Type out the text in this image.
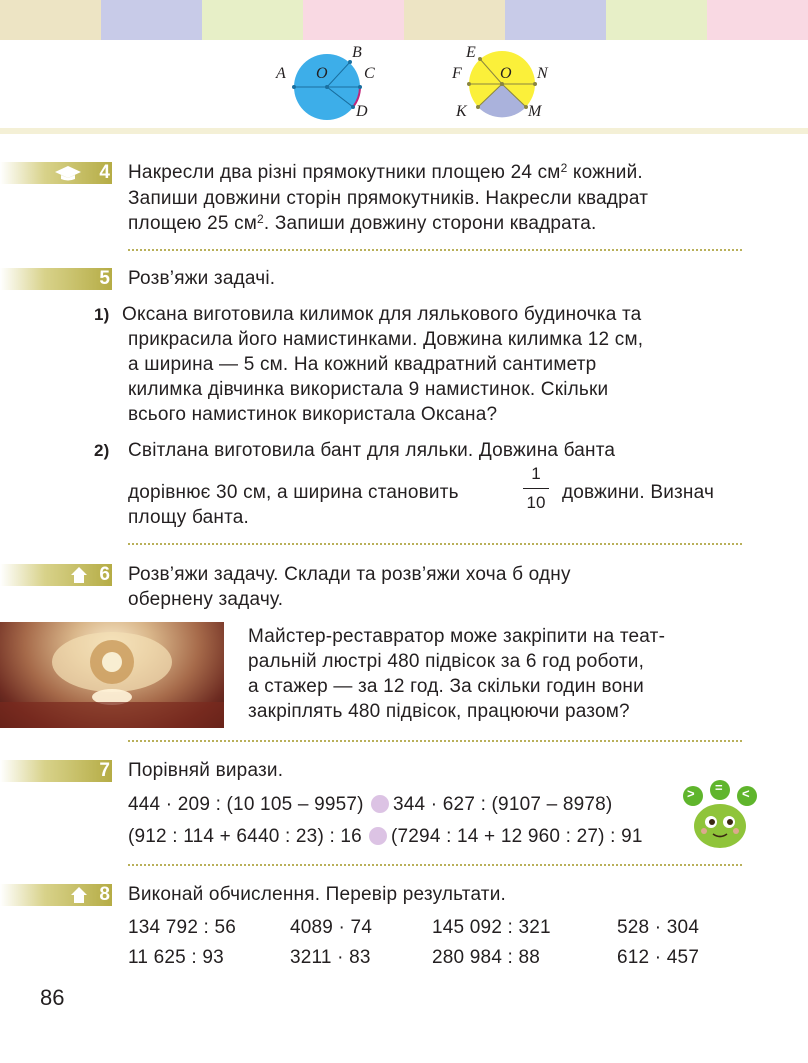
A O
B
C
D
E
F O N
K	M
4 Накресли два різні прямокутники площею 24 $см^2$ кожний.
Запиши довжини сторін прямокутників. Накресли квадрат
площею 25 $см^2$. Запиши довжину сторони квадрата.
5 Розв’яжи задачі.
1) Оксана виготовила килимок для лялькового будиночка та
прикрасила його намистинками. Довжина килимка 12 см,
а ширина — 5 см. На кожний квадратний сантиметр
килимка дівчинка використала 9 намистинок. Скільки
всього намистинок використала Оксана?
2) Світлана виготовила бант для ляльки. Довжина банта
дорівнює 30 см, а ширина становить
1
10 довжини. Визнач
площу банта.
6 Розв’яжи задачу. Склади та розв’яжи хоча б одну
обернену задачу.
Майстер-реставратор може закріпити на теат-
ральній люстрі 480 підвісок за 6 год роботи,
а стажер — за 12 год. За скільки годин вони
закріплять 480 підвісок, працюючи разом?
7 Порівняй вирази.
444 · 209 : (10 105 – 9957) 344 · 627 : (9107 – 8978)
(912 : 114 + 6440 : 23) : 16 (7294 : 14 + 12 960 : 27) : 91
> = <
8 Виконай обчислення. Перевір результати.
134 792 : 56	4089 · 74	145 092 : 321	528 · 304
11 625 : 93	3211 · 83	280 984 : 88	612 · 457
86
